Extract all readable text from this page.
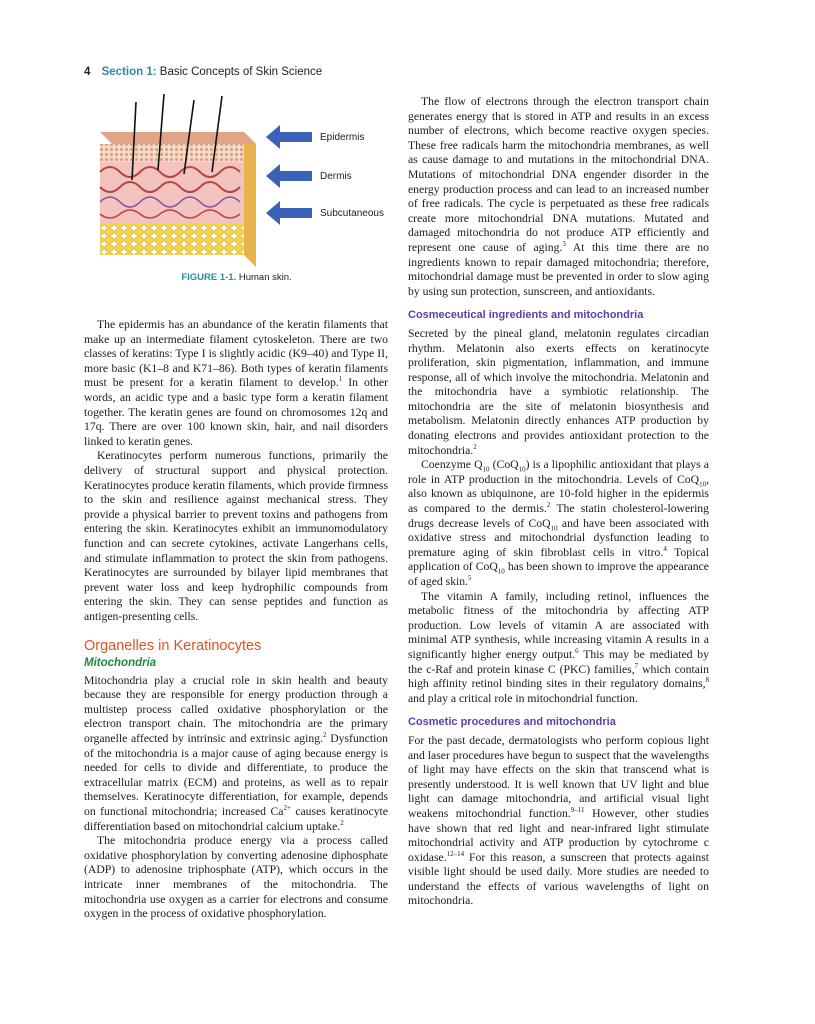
4 Section 1: Basic Concepts of Skin Science
Epidermis
Dermis
Subcutaneous
FIGURE 1-1. Human skin.

The epidermis has an abundance of the keratin filaments that make up an intermediate filament cytoskeleton. There are two classes of keratins: Type I is slightly acidic (K9–40) and Type II, more basic (K1–8 and K71–86). Both types of keratin filaments must be present for a keratin filament to develop.$^1$ In other words, an acidic type and a basic type form a keratin filament together. The keratin genes are found on chromosomes 12q and 17q. There are over 100 known skin, hair, and nail disorders linked to keratin genes.

Keratinocytes perform numerous functions, primarily the delivery of structural support and physical protection. Keratinocytes produce keratin filaments, which provide firmness to the skin and resilience against mechanical stress. They provide a physical barrier to prevent toxins and pathogens from entering the skin. Keratinocytes exhibit an immunomodulatory function and can secrete cytokines, activate Langerhans cells, and stimulate inflammation to protect the skin from pathogens. Keratinocytes are surrounded by bilayer lipid membranes that prevent water loss and keep hydrophilic compounds from entering the skin. They can sense peptides and function as antigen-presenting cells.

Organelles in Keratinocytes
Mitochondria

Mitochondria play a crucial role in skin health and beauty because they are responsible for energy production through a multistep process called oxidative phosphorylation or the electron transport chain. The mitochondria are the primary organelle affected by intrinsic and extrinsic aging.$^2$ Dysfunction of the mitochondria is a major cause of aging because energy is needed for cells to divide and differentiate, to produce the extracellular matrix (ECM) and proteins, as well as to repair themselves. Keratinocyte differentiation, for example, depends on functional mitochondria; increased $Ca^{2+}$ causes keratinocyte differentiation based on mitochondrial calcium uptake.$^2$

The mitochondria produce energy via a process called oxidative phosphorylation by converting adenosine diphosphate (ADP) to adenosine triphosphate (ATP), which occurs in the intricate inner membranes of the mitochondria. The mitochondria use oxygen as a carrier for electrons and consume oxygen in the process of oxidative phosphorylation.

The flow of electrons through the electron transport chain generates energy that is stored in ATP and results in an excess number of electrons, which become reactive oxygen species. These free radicals harm the mitochondria membranes, as well as cause damage to and mutations in the mitochondrial DNA. Mutations of mitochondrial DNA engender disorder in the energy production process and can lead to an increased number of free radicals. The cycle is perpetuated as these free radicals create more mitochondrial DNA mutations. Mutated and damaged mitochondria do not produce ATP efficiently and represent one cause of aging.$^3$ At this time there are no ingredients known to repair damaged mitochondria; therefore, mitochondrial damage must be prevented in order to slow aging by using sun protection, sunscreen, and antioxidants.

Cosmeceutical ingredients and mitochondria

Secreted by the pineal gland, melatonin regulates circadian rhythm. Melatonin also exerts effects on keratinocyte proliferation, skin pigmentation, inflammation, and immune response, all of which involve the mitochondria. Melatonin and the mitochondria have a symbiotic relationship. The mitochondria are the site of melatonin biosynthesis and metabolism. Melatonin directly enhances ATP production by donating electrons and provides antioxidant protection to the mitochondria.$^2$

Coenzyme $Q_{10}$ (CoQ$_{10}$) is a lipophilic antioxidant that plays a role in ATP production in the mitochondria. Levels of CoQ$_{10}$, also known as ubiquinone, are 10-fold higher in the epidermis as compared to the dermis.$^2$ The statin cholesterol-lowering drugs decrease levels of CoQ$_{10}$ and have been associated with oxidative stress and mitochondrial dysfunction leading to premature aging of skin fibroblast cells in vitro.$^4$ Topical application of CoQ$_{10}$ has been shown to improve the appearance of aged skin.$^5$

The vitamin A family, including retinol, influences the metabolic fitness of the mitochondria by affecting ATP production. Low levels of vitamin A are associated with minimal ATP synthesis, while increasing vitamin A results in a significantly higher energy output.$^6$ This may be mediated by the c-Raf and protein kinase C (PKC) families,$^7$ which contain high affinity retinol binding sites in their regulatory domains,$^8$ and play a critical role in mitochondrial function.

Cosmetic procedures and mitochondria

For the past decade, dermatologists who perform copious light and laser procedures have begun to suspect that the wavelengths of light may have effects on the skin that transcend what is presently understood. It is well known that UV light and blue light can damage mitochondria, and artificial visual light weakens mitochondrial function.$^{9-11}$ However, other studies have shown that red light and near-infrared light stimulate mitochondrial activity and ATP production by cytochrome c oxidase.$^{12-14}$ For this reason, a sunscreen that protects against visible light should be used daily. More studies are needed to understand the effects of various wavelengths of light on mitochondria.
